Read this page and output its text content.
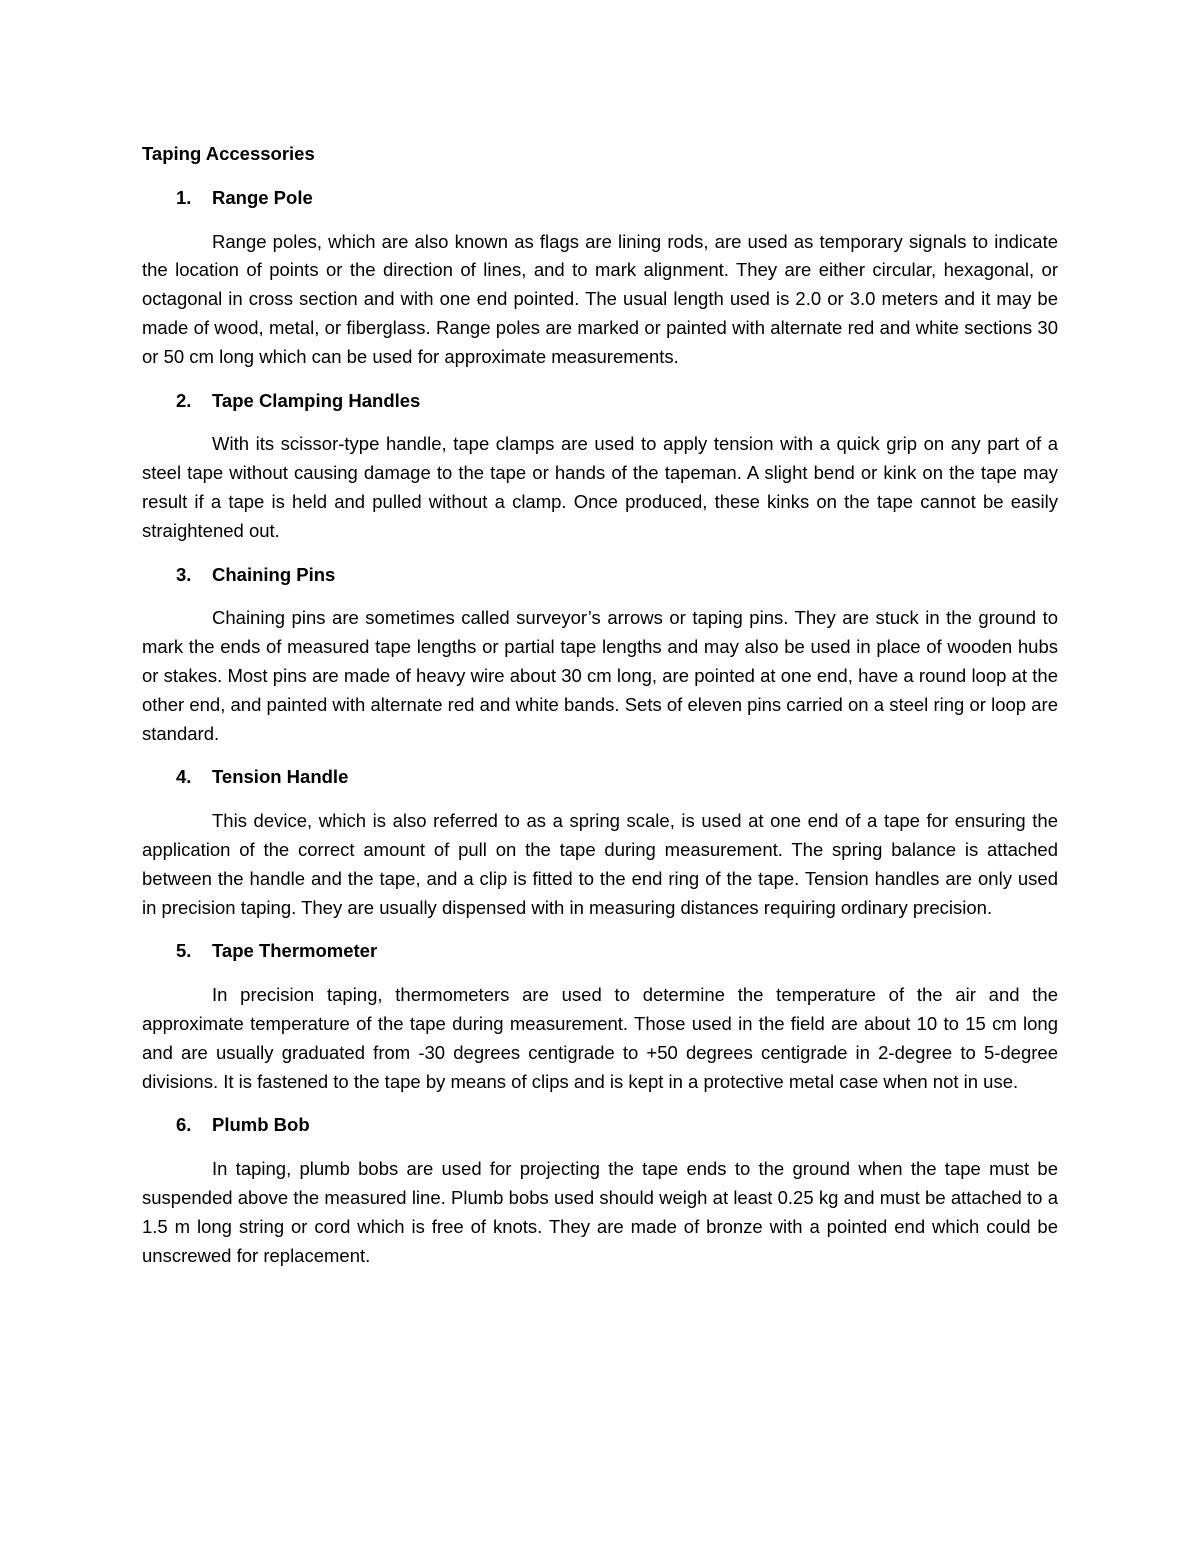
Taping Accessories
1. Range Pole
Range poles, which are also known as flags are lining rods, are used as temporary signals to indicate the location of points or the direction of lines, and to mark alignment. They are either circular, hexagonal, or octagonal in cross section and with one end pointed. The usual length used is 2.0 or 3.0 meters and it may be made of wood, metal, or fiberglass. Range poles are marked or painted with alternate red and white sections 30 or 50 cm long which can be used for approximate measurements.
2. Tape Clamping Handles
With its scissor-type handle, tape clamps are used to apply tension with a quick grip on any part of a steel tape without causing damage to the tape or hands of the tapeman. A slight bend or kink on the tape may result if a tape is held and pulled without a clamp. Once produced, these kinks on the tape cannot be easily straightened out.
3. Chaining Pins
Chaining pins are sometimes called surveyor’s arrows or taping pins. They are stuck in the ground to mark the ends of measured tape lengths or partial tape lengths and may also be used in place of wooden hubs or stakes. Most pins are made of heavy wire about 30 cm long, are pointed at one end, have a round loop at the other end, and painted with alternate red and white bands. Sets of eleven pins carried on a steel ring or loop are standard.
4. Tension Handle
This device, which is also referred to as a spring scale, is used at one end of a tape for ensuring the application of the correct amount of pull on the tape during measurement. The spring balance is attached between the handle and the tape, and a clip is fitted to the end ring of the tape. Tension handles are only used in precision taping. They are usually dispensed with in measuring distances requiring ordinary precision.
5. Tape Thermometer
In precision taping, thermometers are used to determine the temperature of the air and the approximate temperature of the tape during measurement. Those used in the field are about 10 to 15 cm long and are usually graduated from -30 degrees centigrade to +50 degrees centigrade in 2-degree to 5-degree divisions. It is fastened to the tape by means of clips and is kept in a protective metal case when not in use.
6. Plumb Bob
In taping, plumb bobs are used for projecting the tape ends to the ground when the tape must be suspended above the measured line. Plumb bobs used should weigh at least 0.25 kg and must be attached to a 1.5 m long string or cord which is free of knots. They are made of bronze with a pointed end which could be unscrewed for replacement.
